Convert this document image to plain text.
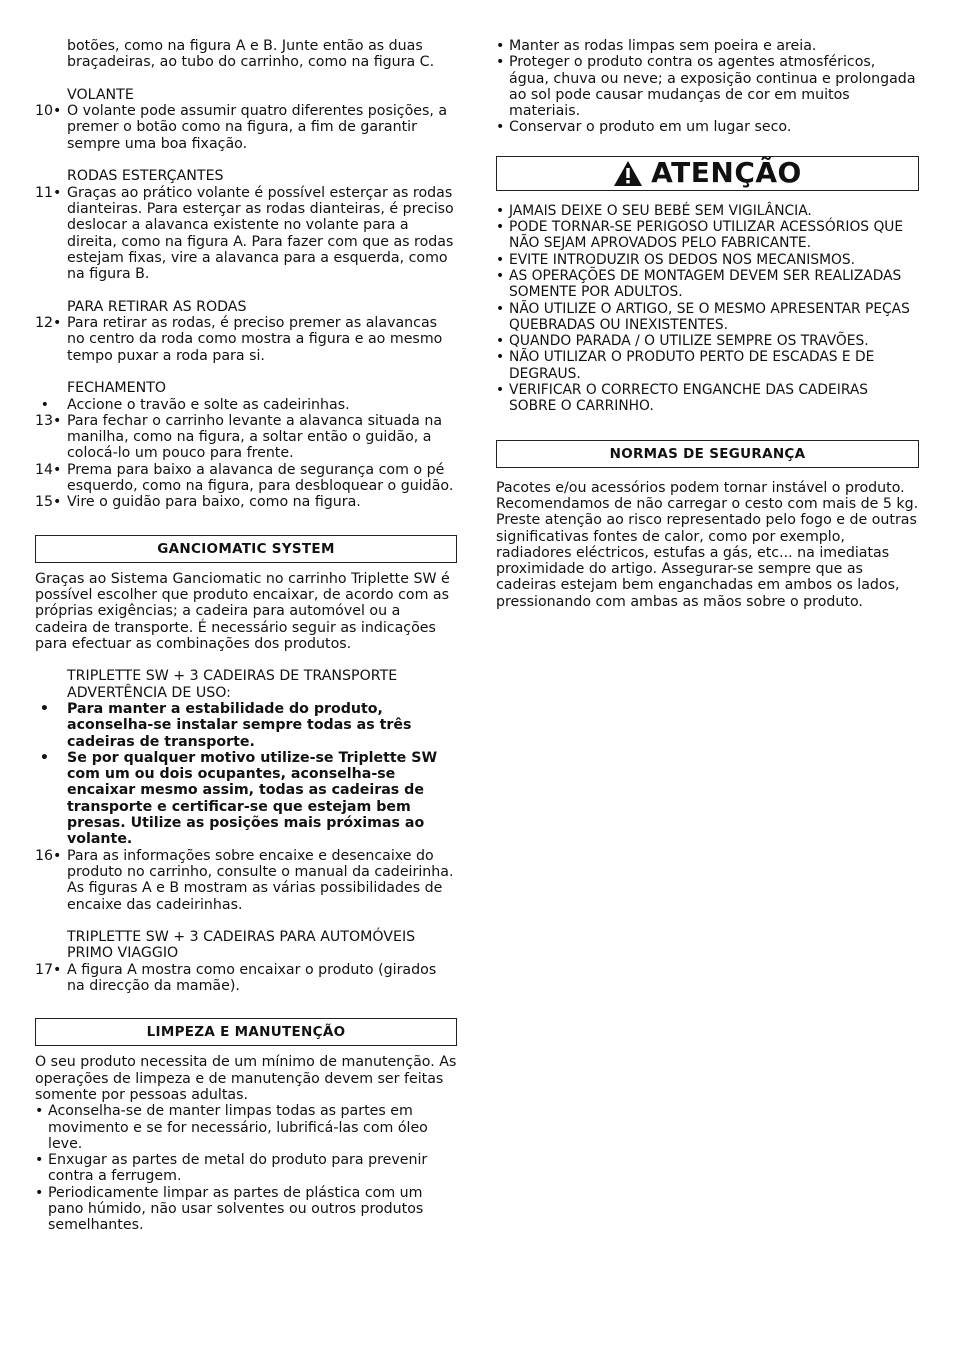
botões, como na figura A e B. Junte então as duas braçadeiras, ao tubo do carrinho, como na figura C.

VOLANTE

10• O volante pode assumir quatro diferentes posições, a premer o botão como na figura, a fim de garantir sempre uma boa fixação.

RODAS ESTERÇANTES

11• Graças ao prático volante é possível esterçar as rodas dianteiras. Para esterçar as rodas dianteiras, é preciso deslocar a alavanca existente no volante para a direita, como na figura A. Para fazer com que as rodas estejam fixas, vire a alavanca para a esquerda, como na figura B.

PARA RETIRAR AS RODAS

12• Para retirar as rodas, é preciso premer as alavancas no centro da roda como mostra a figura e ao mesmo tempo puxar a roda para si.

FECHAMENTO

•	Accione o travão e solte as cadeirinhas.
13• Para fechar o carrinho levante a alavanca situada na manilha, como na figura, a soltar então o guidão, a colocá-lo um pouco para frente.
14• Prema para baixo a alavanca de segurança com o pé esquerdo, como na figura, para desbloquear o guidão.
15• Vire o guidão para baixo, como na figura.
GANCIOMATIC SYSTEM

Graças ao Sistema Ganciomatic no carrinho Triplette SW é possível escolher que produto encaixar, de acordo com as próprias exigências; a cadeira para automóvel ou a cadeira de transporte. É necessário seguir as indicações para efectuar as combinações dos produtos.

TRIPLETTE SW + 3 CADEIRAS DE TRANSPORTE

ADVERTÊNCIA DE USO:

•	Para manter a estabilidade do produto, aconselha-se instalar sempre todas as três cadeiras de transporte.
•	Se por qualquer motivo utilize-se Triplette SW com um ou dois ocupantes, aconselha-se encaixar mesmo assim, todas as cadeiras de transporte e certificar-se que estejam bem presas. Utilize as posições mais próximas ao volante.
16• Para as informações sobre encaixe e desencaixe do produto no carrinho, consulte o manual da cadeirinha.

As figuras A e B mostram as várias possibilidades de encaixe das cadeirinhas.

TRIPLETTE SW + 3 CADEIRAS PARA AUTOMÓVEIS PRIMO VIAGGIO

17• A figura A mostra como encaixar o produto (girados na direcção da mamãe).
LIMPEZA E MANUTENÇÃO

O seu produto necessita de um mínimo de manutenção. As operações de limpeza e de manutenção devem ser feitas somente por pessoas adultas.

• Aconselha-se de manter limpas todas as partes em movimento e se for necessário, lubrificá-las com óleo leve.
• Enxugar as partes de metal do produto para prevenir contra a ferrugem.
• Periodicamente limpar as partes de plástica com um pano húmido, não usar solventes ou outros produtos semelhantes.
• Manter as rodas limpas sem poeira e areia.
• Proteger o produto contra os agentes atmosféricos, água, chuva ou neve; a exposição continua e prolongada ao sol pode causar mudanças de cor em muitos materiais.
• Conservar o produto em um lugar seco.
ATENÇÃO
• JAMAIS DEIXE O SEU BEBÉ SEM VIGILÂNCIA.
• PODE TORNAR-SE PERIGOSO UTILIZAR ACESSÓRIOS QUE NÃO SEJAM APROVADOS PELO FABRICANTE.
• EVITE INTRODUZIR OS DEDOS NOS MECANISMOS.
• AS OPERAÇÕES DE MONTAGEM DEVEM SER REALIZADAS SOMENTE POR ADULTOS.
• NÃO UTILIZE O ARTIGO, SE O MESMO APRESENTAR PEÇAS QUEBRADAS OU INEXISTENTES.
• QUANDO PARADA / O UTILIZE SEMPRE OS TRAVÕES.
• NÃO UTILIZAR O PRODUTO PERTO DE ESCADAS E DE DEGRAUS.
• VERIFICAR O CORRECTO ENGANCHE DAS CADEIRAS SOBRE O CARRINHO.
NORMAS DE SEGURANÇA

Pacotes e/ou acessórios podem tornar instável o produto. Recomendamos de não carregar o cesto com mais de 5 kg.

Preste atenção ao risco representado pelo fogo e de outras significativas fontes de calor, como por exemplo, radiadores eléctricos, estufas a gás, etc... na imediatas proximidade do artigo. Assegurar-se sempre que as cadeiras estejam bem enganchadas em ambos os lados, pressionando com ambas as mãos sobre o produto.
